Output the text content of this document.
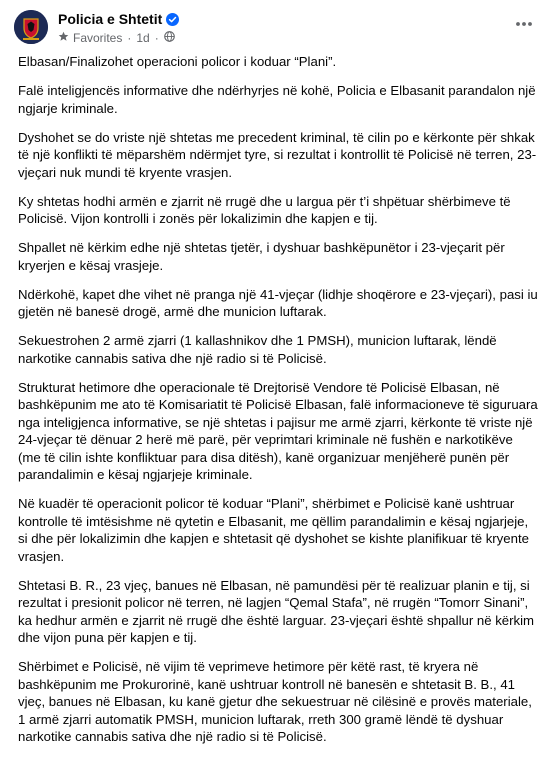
Policia e Shtetit
Favorites · 1d ·

Elbasan/Finalizohet operacioni policor i koduar “Plani”.

Falë inteligjencës informative dhe ndërhyrjes në kohë, Policia e Elbasanit parandalon një ngjarje kriminale.

Dyshohet se do vriste një shtetas me precedent kriminal, të cilin po e kërkonte për shkak të një konflikti të mëparshëm ndërmjet tyre, si rezultat i kontrollit të Policisë në terren, 23-vjeçari nuk mundi të kryente vrasjen.

Ky shtetas hodhi armën e zjarrit në rrugë dhe u largua për t’i shpëtuar shërbimeve të Policisë. Vijon kontrolli i zonës për lokalizimin dhe kapjen e tij.

Shpallet në kërkim edhe një shtetas tjetër, i dyshuar bashkëpunëtor i 23-vjeçarit për kryerjen e kësaj vrasjeje.

Ndërkohë, kapet dhe vihet në pranga një 41-vjeçar (lidhje shoqërore e 23-vjeçari), pasi iu gjetën në banesë drogë, armë dhe municion luftarak.

Sekuestrohen 2 armë zjarri (1 kallashnikov dhe 1 PMSH), municion luftarak, lëndë narkotike cannabis sativa dhe një radio si të Policisë.

Strukturat hetimore dhe operacionale të Drejtorisë Vendore të Policisë Elbasan, në bashkëpunim me ato të Komisariatit të Policisë Elbasan, falë informacioneve të siguruara nga inteligjenca informative, se një shtetas i pajisur me armë zjarri, kërkonte të vriste një 24-vjeçar të dënuar 2 herë më parë, për veprimtari kriminale në fushën e narkotikëve (me të cilin ishte konfliktuar para disa ditësh), kanë organizuar menjëherë punën për parandalimin e kësaj ngjarjeje kriminale.

Në kuadër të operacionit policor të koduar “Plani”, shërbimet e Policisë kanë ushtruar kontrolle të imtësishme në qytetin e Elbasanit, me qëllim parandalimin e kësaj ngjarjeje, si dhe për lokalizimin dhe kapjen e shtetasit që dyshohet se kishte planifikuar të kryente vrasjen.

Shtetasi B. R., 23 vjeç, banues në Elbasan, në pamundësi për të realizuar planin e tij, si rezultat i presionit policor në terren, në lagjen “Qemal Stafa”, në rrugën “Tomorr Sinani”, ka hedhur armën e zjarrit në rrugë dhe është larguar. 23-vjeçari është shpallur në kërkim dhe vijon puna për kapjen e tij.

Shërbimet e Policisë, në vijim të veprimeve hetimore për këtë rast, të kryera në bashkëpunim me Prokurorinë, kanë ushtruar kontroll në banesën e shtetasit B. B., 41 vjeç, banues në Elbasan, ku kanë gjetur dhe sekuestruar në cilësinë e provës materiale, 1 armë zjarri automatik PMSH, municion luftarak, rreth 300 gramë lëndë të dyshuar narkotike cannabis sativa dhe një radio si të Policisë.
